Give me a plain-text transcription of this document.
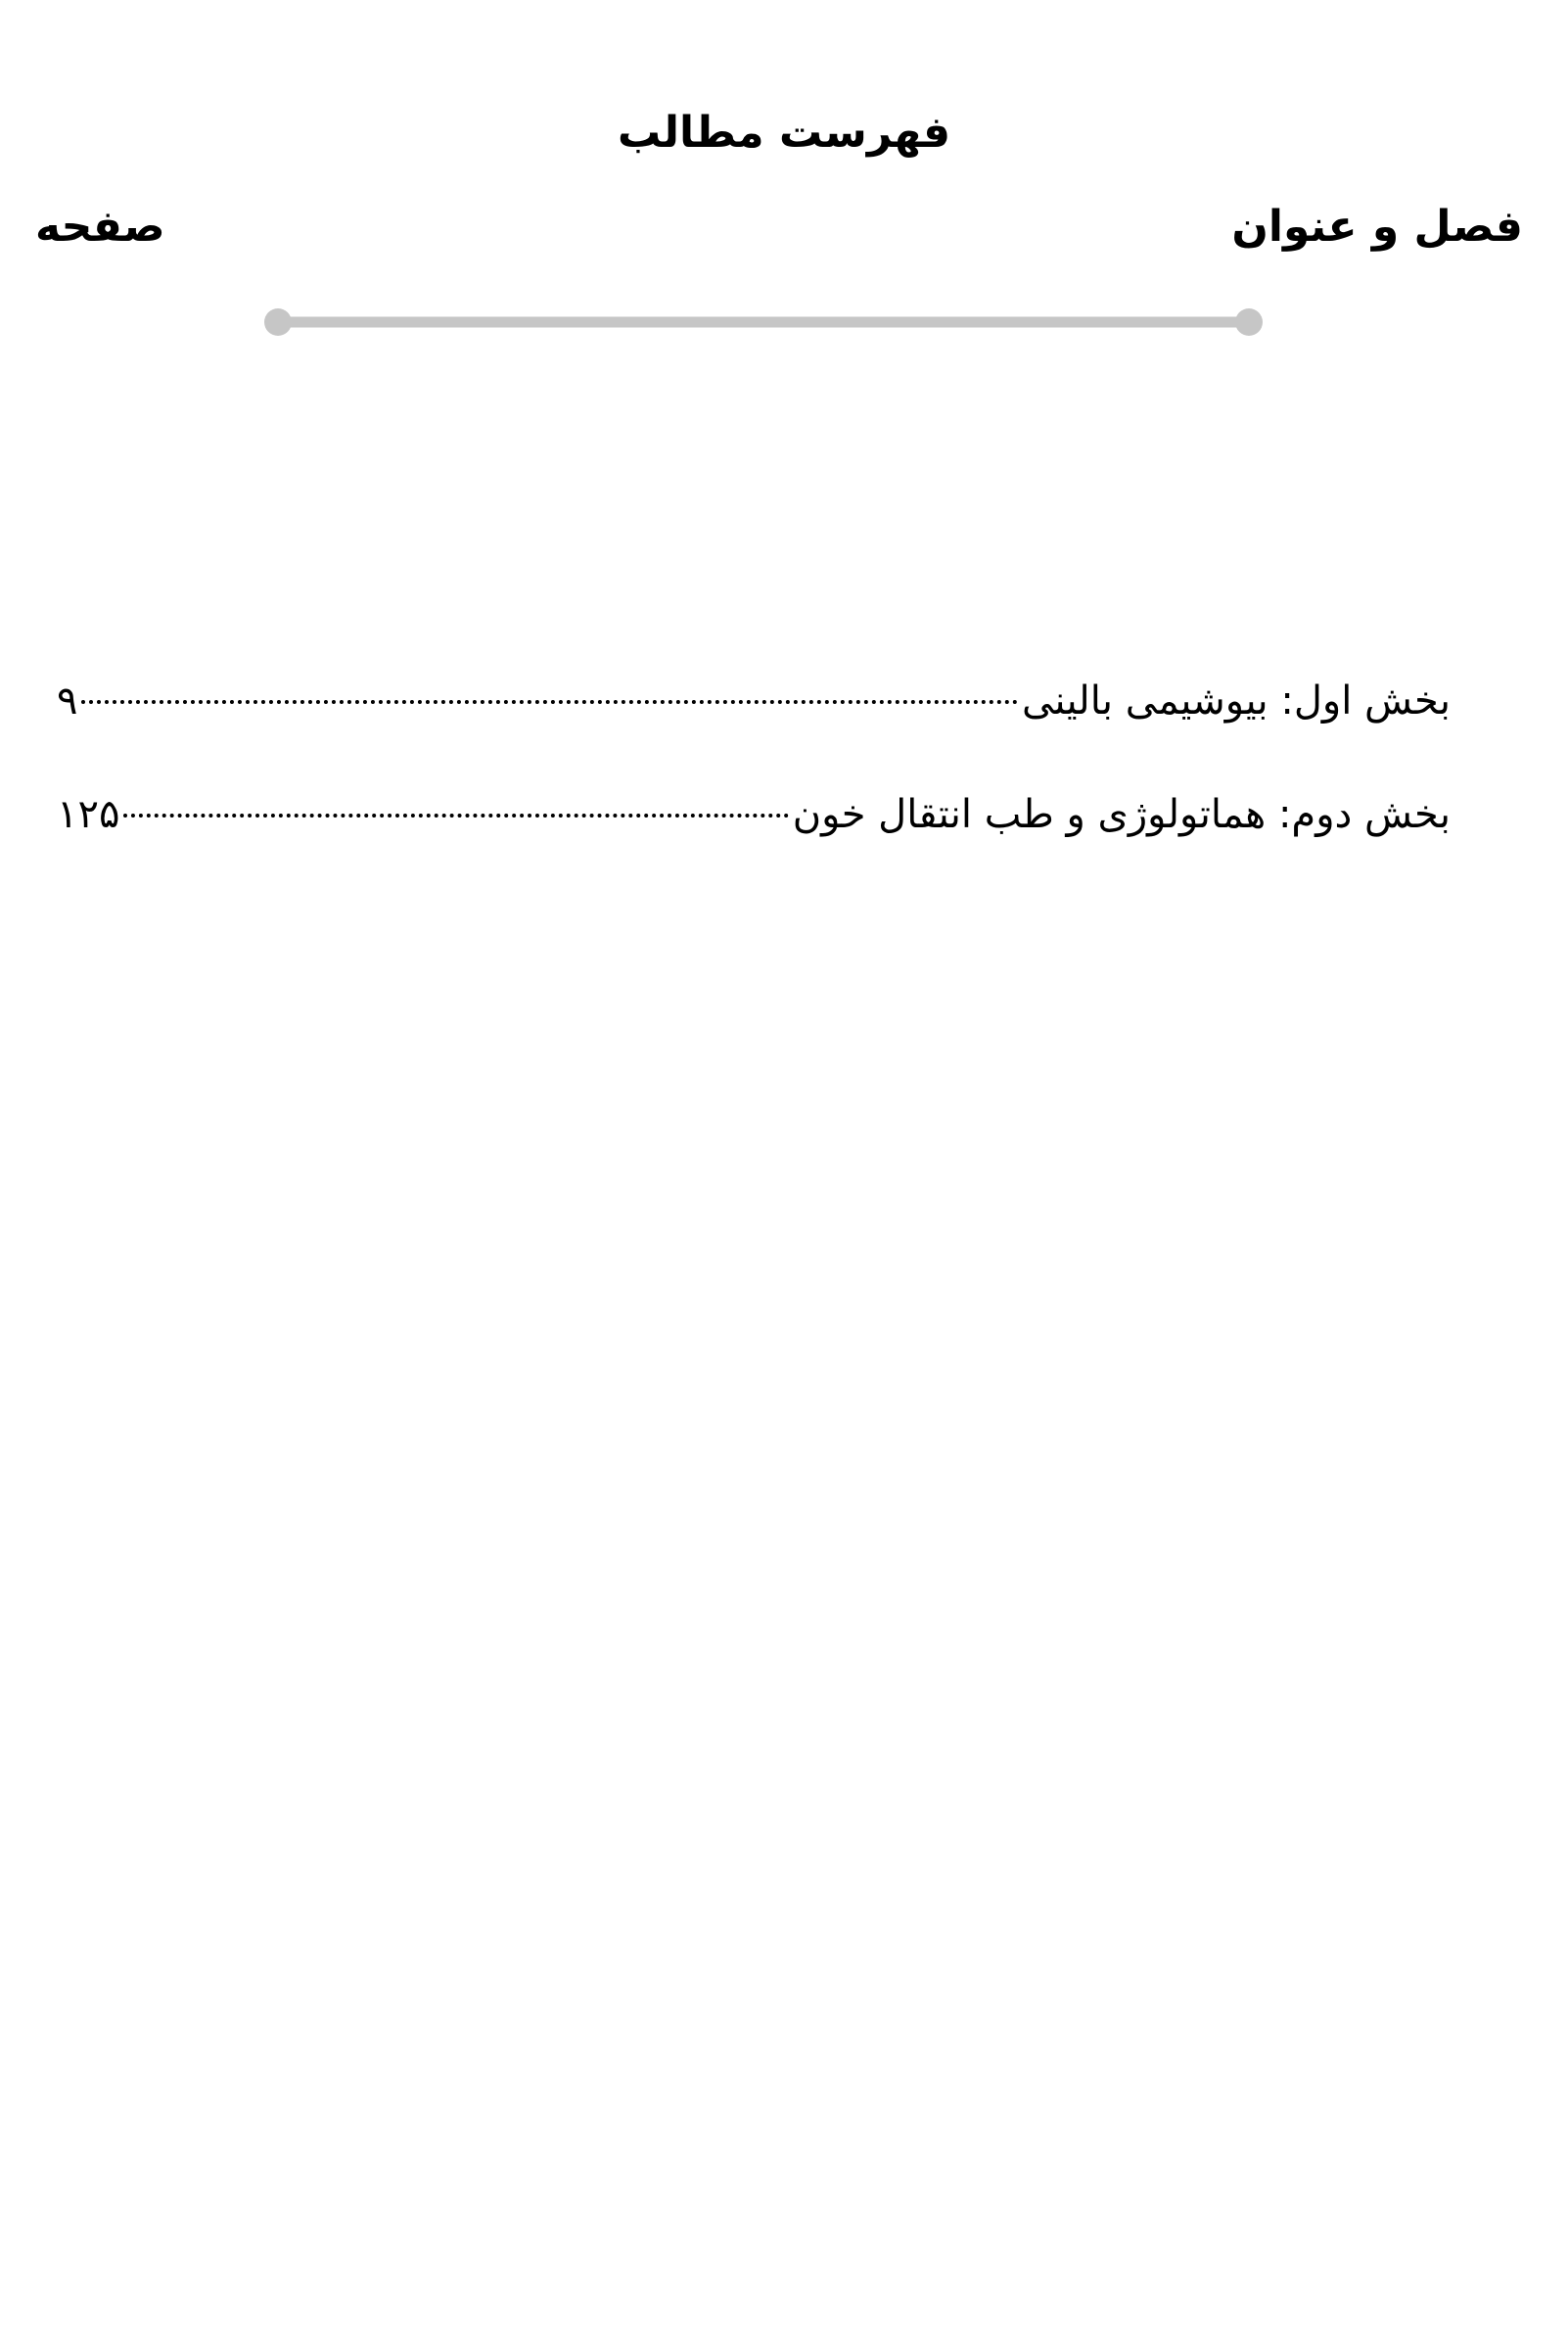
فهرست مطالب
فصل و عنوان
صفحه
بخش اول: بیوشیمی بالینی
۹
بخش دوم: هماتولوژی و طب انتقال خون
۱۲۵
